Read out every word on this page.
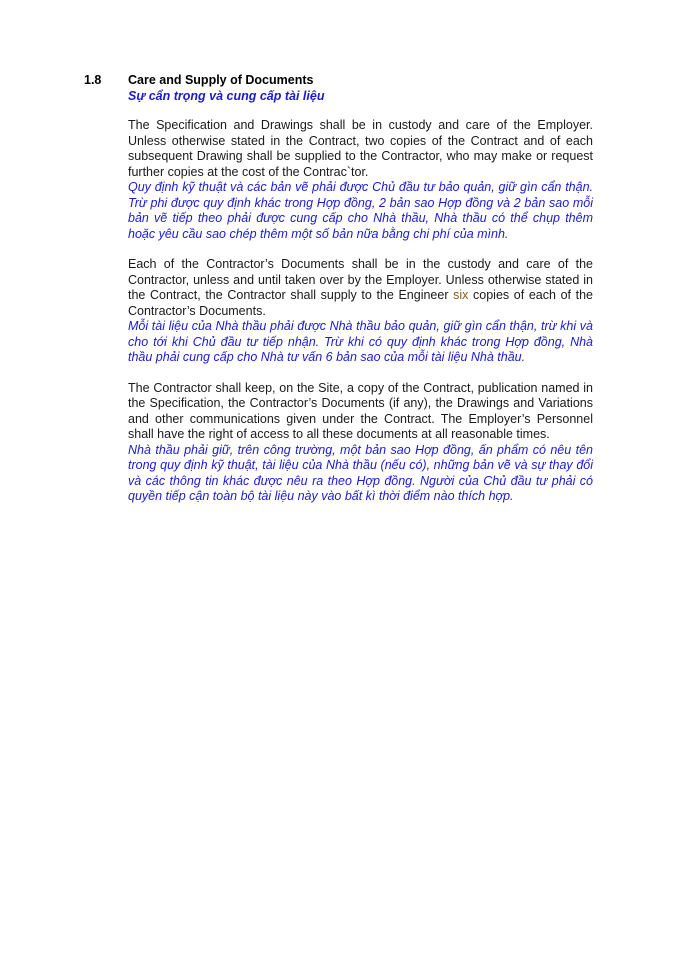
1.8 Care and Supply of Documents
Sự cẩn trọng và cung cấp tài liệu
The Specification and Drawings shall be in custody and care of the Employer. Unless otherwise stated in the Contract, two copies of the Contract and of each subsequent Drawing shall be supplied to the Contractor, who may make or request further copies at the cost of the Contrac`tor.
Quy định kỹ thuật và các bản vẽ phải được Chủ đầu tư bảo quản, giữ gìn cẩn thận. Trừ phi được quy định khác trong Hợp đồng, 2 bản sao Hợp đồng và 2 bản sao mỗi bản vẽ tiếp theo phải được cung cấp cho Nhà thầu, Nhà thầu có thể chụp thêm hoặc yêu cầu sao chép thêm một số bản nữa bằng chi phí của mình.
Each of the Contractor’s Documents shall be in the custody and care of the Contractor, unless and until taken over by the Employer. Unless otherwise stated in the Contract, the Contractor shall supply to the Engineer six copies of each of the Contractor’s Documents.
Mỗi tài liệu của Nhà thầu phải được Nhà thầu bảo quản, giữ gìn cẩn thận, trừ khi và cho tới khi Chủ đầu tư tiếp nhận. Trừ khi có quy định khác trong Hợp đồng, Nhà thầu phải cung cấp cho Nhà tư vấn 6 bản sao của mỗi tài liệu Nhà thầu.
The Contractor shall keep, on the Site, a copy of the Contract, publication named in the Specification, the Contractor’s Documents (if any), the Drawings and Variations and other communications given under the Contract. The Employer’s Personnel shall have the right of access to all these documents at all reasonable times.
Nhà thầu phải giữ, trên công trường, một bản sao Hợp đồng, ấn phẩm có nêu tên trong quy định kỹ thuật, tài liệu của Nhà thầu (nếu có), những bản vẽ và sự thay đổi và các thông tin khác được nêu ra theo Hợp đồng. Người của Chủ đầu tư phải có quyền tiếp cận toàn bộ tài liệu này vào bất kì thời điểm nào thích hợp.
